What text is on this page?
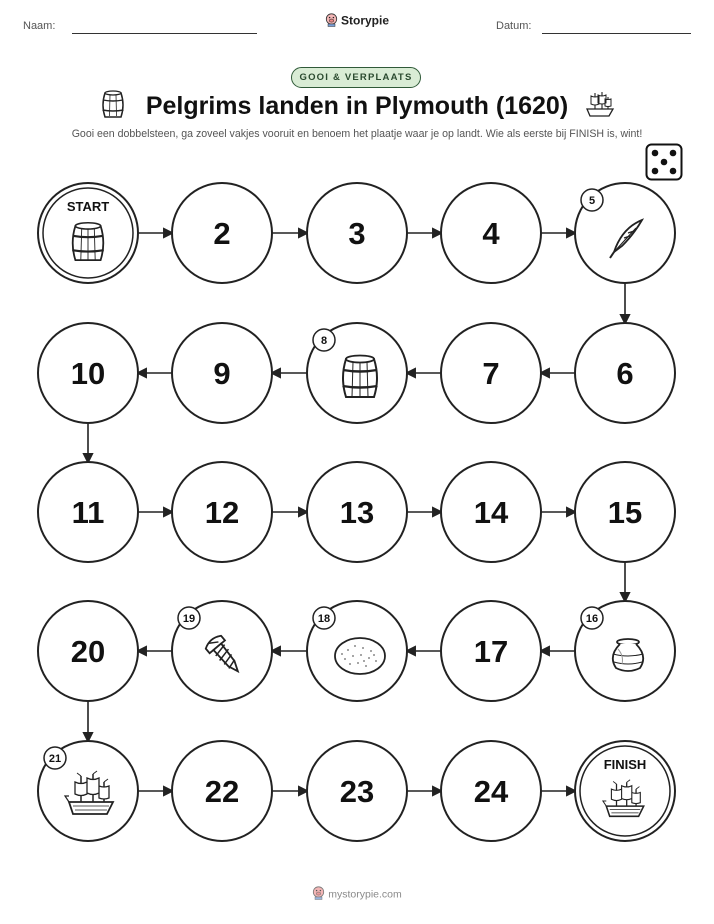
Naam:	Datum:
Storypie
GOOI & VERPLAATS
Pelgrims landen in Plymouth (1620)
Gooi een dobbelsteen, ga zoveel vakjes vooruit en benoem het plaatje waar je op landt. Wie als eerste bij FINISH is, wint!
START
2	3	4
5
6
7
8
9
10
11	12	13	14	15
16
17
18
19
20
21
22	23	24
FINISH
mystorypie.com
